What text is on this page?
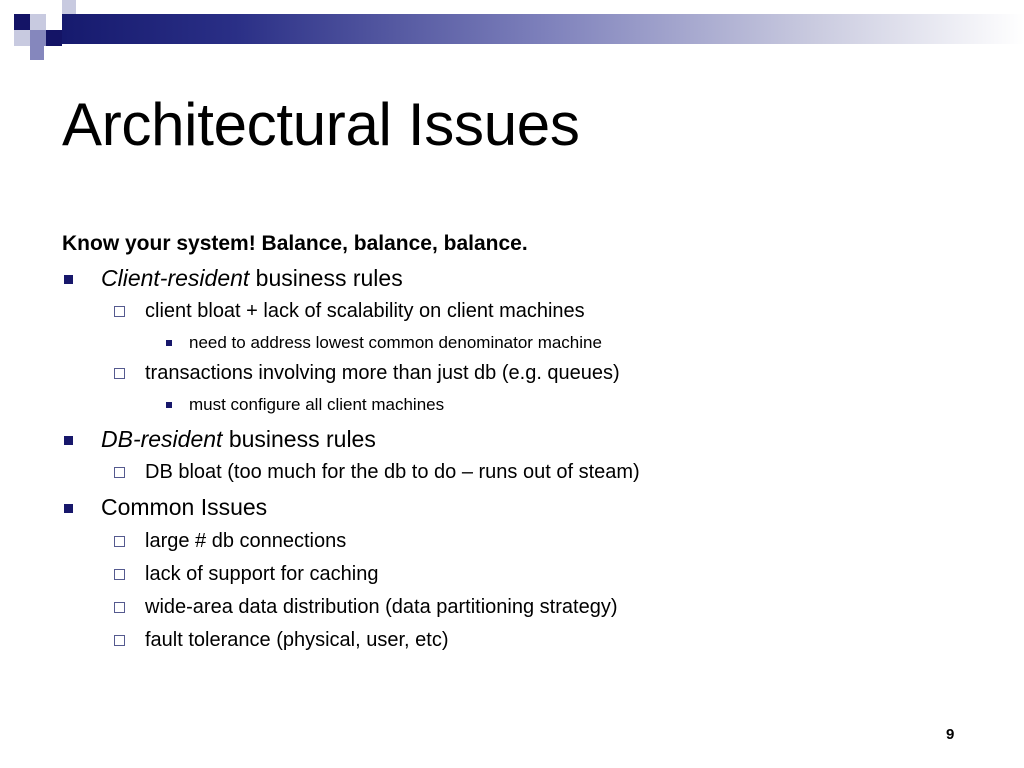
Architectural Issues
Know your system! Balance, balance, balance.
Client-resident business rules
client bloat + lack of scalability on client machines
need to address lowest common denominator machine
transactions involving more than just db (e.g. queues)
must configure all client machines
DB-resident business rules
DB bloat (too much for the db to do – runs out of steam)
Common Issues
large # db connections
lack of support for caching
wide-area data distribution (data partitioning strategy)
fault tolerance (physical, user, etc)
9
